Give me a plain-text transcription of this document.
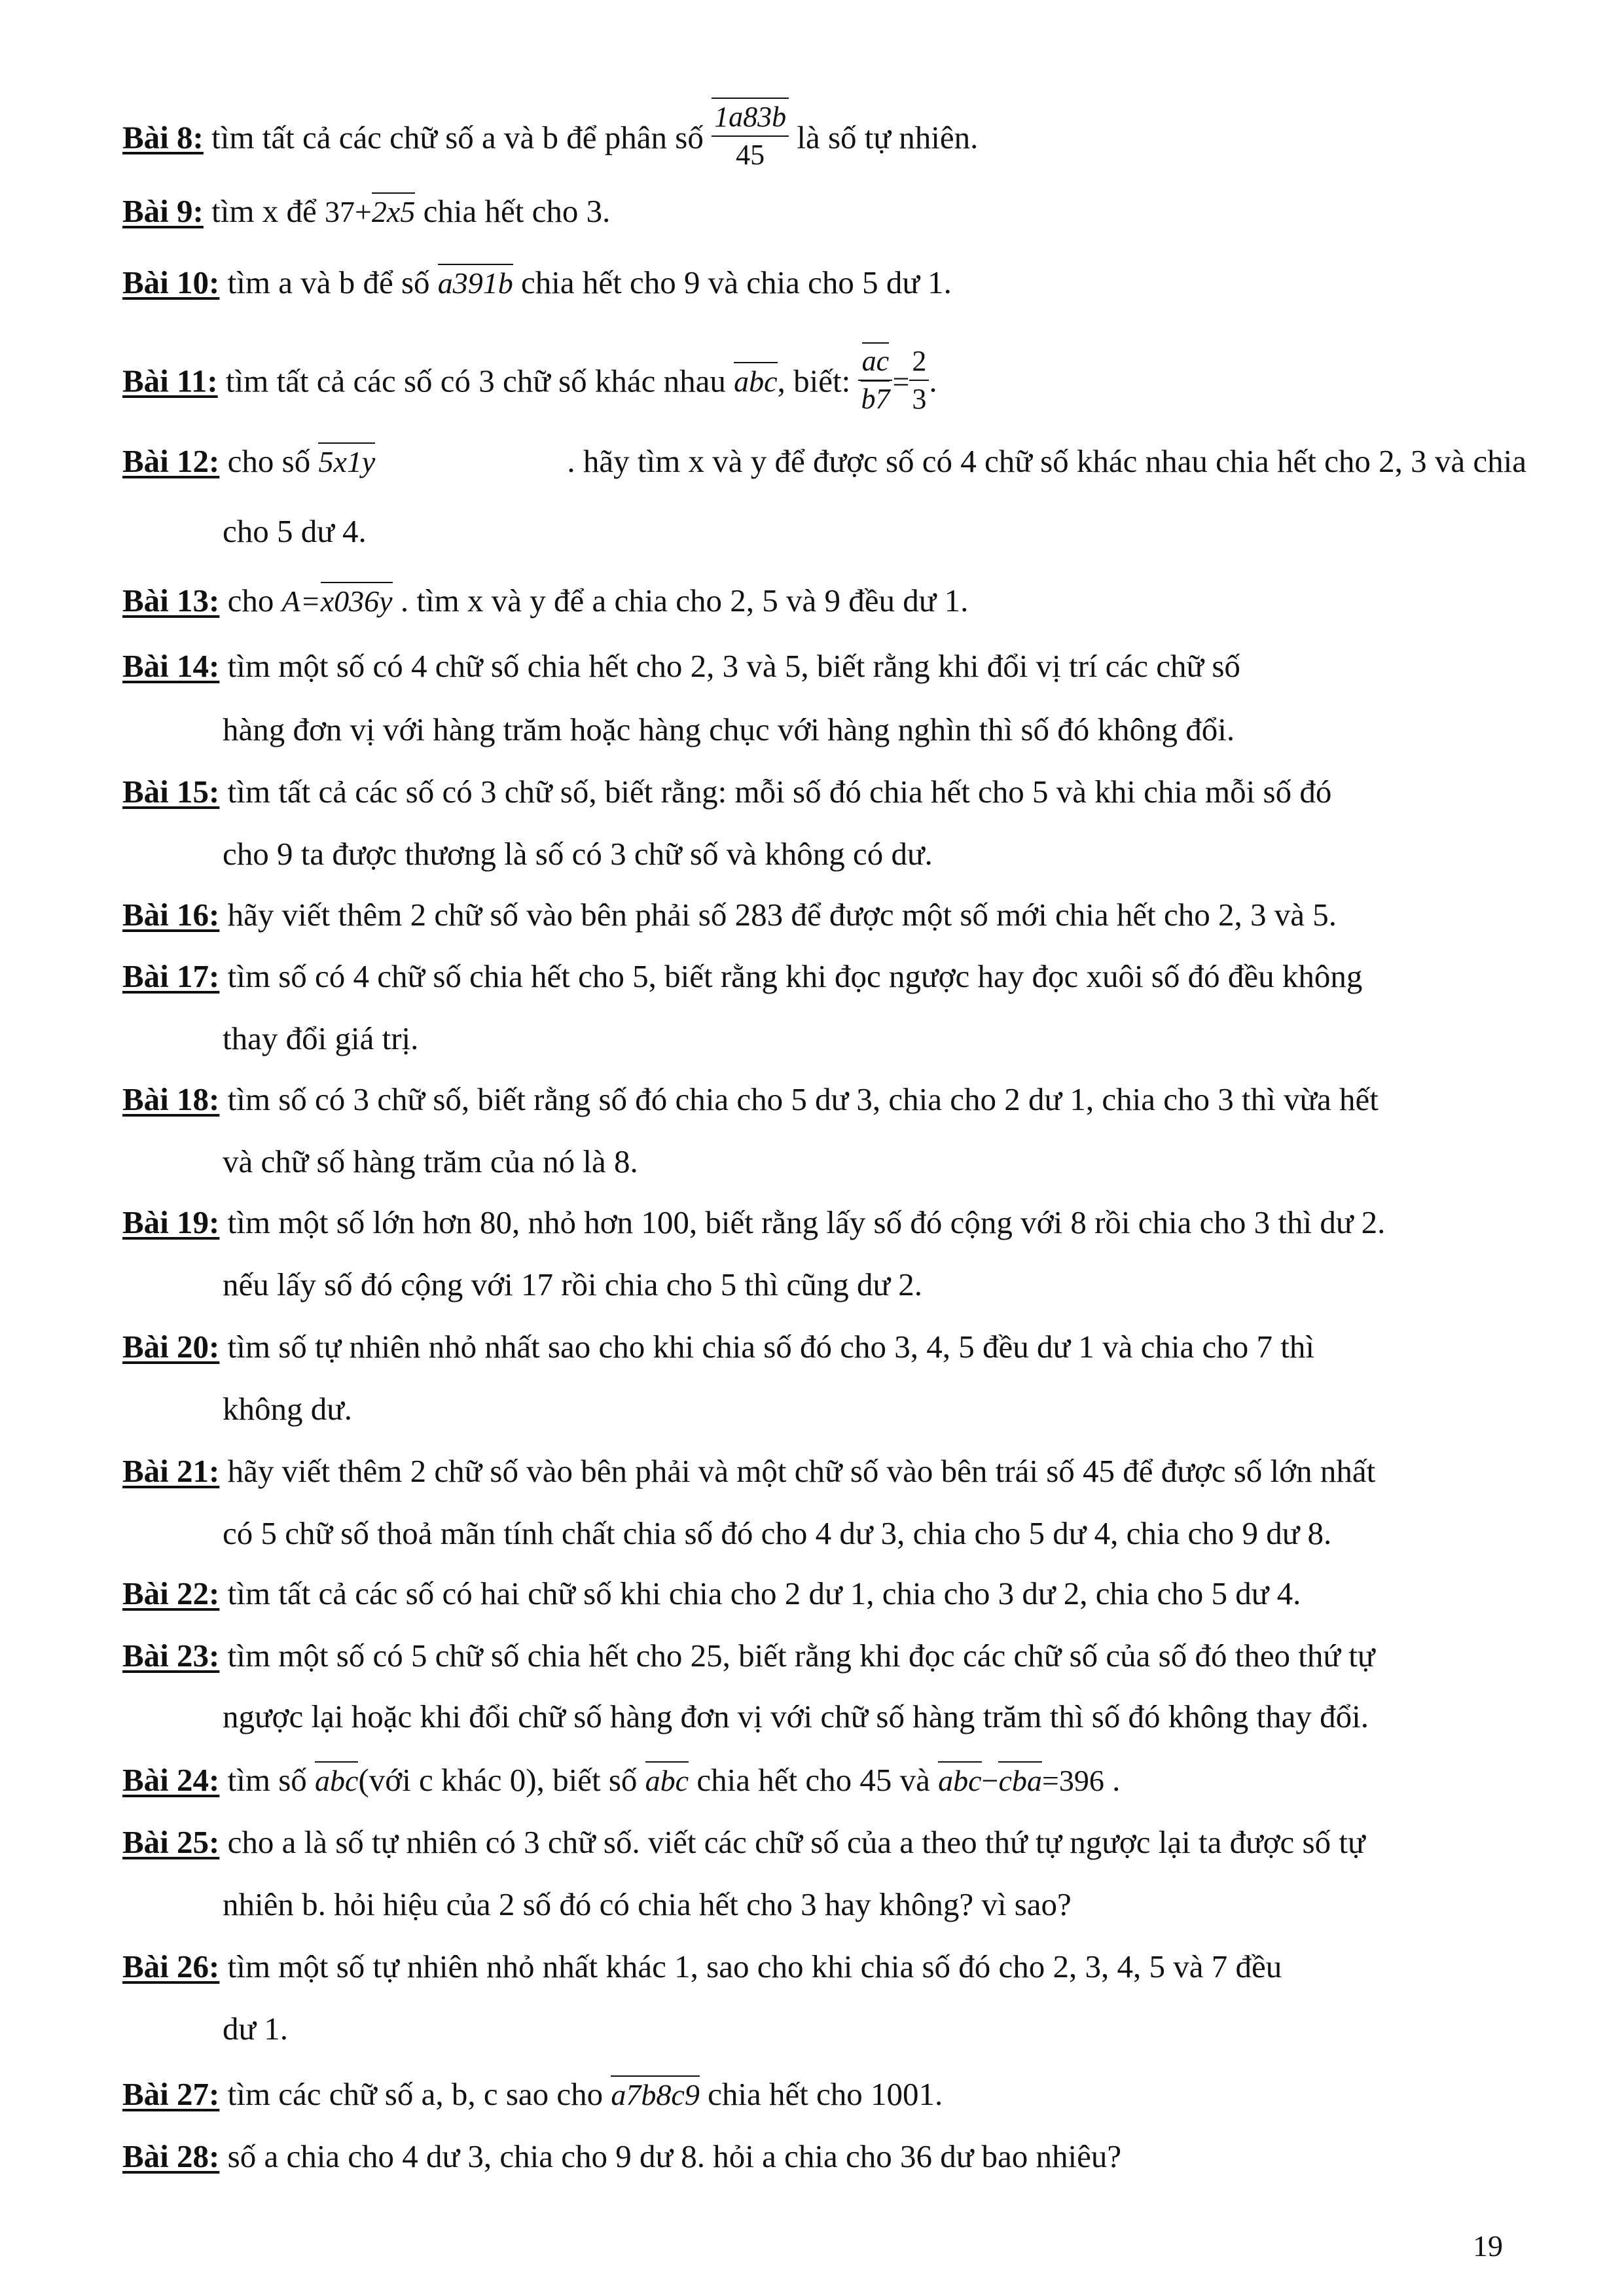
Bài 8: tìm tất cả các chữ số a và b để phân số $\frac{1a83b}{45}$ là số tự nhiên.
Bài 9: tìm x để 37+2x5 chia hết cho 3.
Bài 10: tìm a và b để số a391b chia hết cho 9 và chia cho 5 dư 1.
Bài 11: tìm tất cả các số có 3 chữ số khác nhau abc, biết: $\frac{ac}{b7} = \frac{2}{3}$ .
Bài 12: cho số 5x1y	. hãy tìm x và y để được số có 4 chữ số khác nhau chia hết cho 2, 3 và chia
cho 5 dư 4.
Bài 13: cho A=x036y . tìm x và y để a chia cho 2, 5 và 9 đều dư 1.
Bài 14: tìm một số có 4 chữ số chia hết cho 2, 3 và 5, biết rằng khi đổi vị trí các chữ số
hàng đơn vị với hàng trăm hoặc hàng chục với hàng nghìn thì số đó không đổi.
Bài 15: tìm tất cả các số có 3 chữ số, biết rằng: mỗi số đó chia hết cho 5 và khi chia mỗi số đó
cho 9 ta được thương là số có 3 chữ số và không có dư.
Bài 16: hãy viết thêm 2 chữ số vào bên phải số 283 để được một số mới chia hết cho 2, 3 và 5.
Bài 17: tìm số có 4 chữ số chia hết cho 5, biết rằng khi đọc ngược hay đọc xuôi số đó đều không
thay đổi giá trị.
Bài 18: tìm số có 3 chữ số, biết rằng số đó chia cho 5 dư 3, chia cho 2 dư 1, chia cho 3 thì vừa hết
và chữ số hàng trăm của nó là 8.
Bài 19: tìm một số lớn hơn 80, nhỏ hơn 100, biết rằng lấy số đó cộng với 8 rồi chia cho 3 thì dư 2.
nếu lấy số đó cộng với 17 rồi chia cho 5 thì cũng dư 2.
Bài 20: tìm số tự nhiên nhỏ nhất sao cho khi chia số đó cho 3, 4, 5 đều dư 1 và chia cho 7 thì
không dư.
Bài 21: hãy viết thêm 2 chữ số vào bên phải và một chữ số vào bên trái số 45 để được số lớn nhất
có 5 chữ số thoả mãn tính chất chia số đó cho 4 dư 3, chia cho 5 dư 4, chia cho 9 dư 8.
Bài 22: tìm tất cả các số có hai chữ số khi chia cho 2 dư 1, chia cho 3 dư 2, chia cho 5 dư 4.
Bài 23: tìm một số có 5 chữ số chia hết cho 25, biết rằng khi đọc các chữ số của số đó theo thứ tự
ngược lại hoặc khi đổi chữ số hàng đơn vị với chữ số hàng trăm thì số đó không thay đổi.
Bài 24: tìm số abc(với c khác 0), biết số abc chia hết cho 45 và abc−cba=396 .
Bài 25: cho a là số tự nhiên có 3 chữ số. viết các chữ số của a theo thứ tự ngược lại ta được số tự
nhiên b. hỏi hiệu của 2 số đó có chia hết cho 3 hay không? vì sao?
Bài 26: tìm một số tự nhiên nhỏ nhất khác 1, sao cho khi chia số đó cho 2, 3, 4, 5 và 7 đều
dư 1.
Bài 27: tìm các chữ số a, b, c sao cho a7b8c9 chia hết cho 1001.
Bài 28: số a chia cho 4 dư 3, chia cho 9 dư 8. hỏi a chia cho 36 dư bao nhiêu?
19
